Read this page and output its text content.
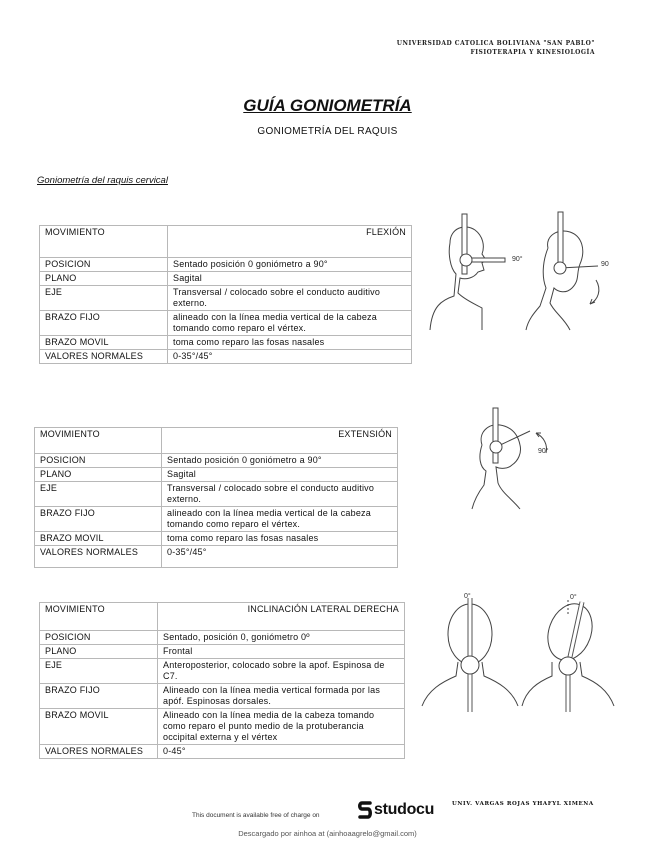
UNIVERSIDAD CATOLICA BOLIVIANA "SAN PABLO"
FISIOTERAPIA Y KINESIOLOGÍA
GUÍA GONIOMETRÍA
GONIOMETRÍA DEL RAQUIS
Goniometría del raquis cervical
MOVIMIENTO	FLEXIÓN
POSICION	Sentado posición 0 goniómetro a 90°
PLANO	Sagital
EJE	Transversal / colocado sobre el conducto auditivo externo.
BRAZO FIJO	alineado con la línea media vertical de la cabeza tomando como reparo el vértex.
BRAZO MOVIL	toma como reparo las fosas nasales
VALORES NORMALES	0-35°/45°
MOVIMIENTO	EXTENSIÓN
POSICION	Sentado posición 0 goniómetro a 90°
PLANO	Sagital
EJE	Transversal / colocado sobre el conducto auditivo externo.
BRAZO FIJO	alineado con la línea media vertical de la cabeza tomando como reparo el vértex.
BRAZO MOVIL	toma como reparo las fosas nasales
VALORES NORMALES	0-35°/45°
MOVIMIENTO	INCLINACIÓN LATERAL DERECHA
POSICION	Sentado, posición 0, goniómetro 0º
PLANO	Frontal
EJE	Anteroposterior, colocado sobre la apof. Espinosa de C7.
BRAZO FIJO	Alineado con la línea media vertical formada por las apóf. Espinosas dorsales.
BRAZO MOVIL	Alineado con la línea media de la cabeza tomando como reparo el punto medio de la protuberancia occipital externa y el vértex
VALORES NORMALES	0-45°
90°
90
90°
0°	0°
This document is available free of charge on	studocu	UNIV. VARGAS ROJAS YHAFYL XIMENA
Descargado por ainhoa at (ainhoaagrelo@gmail.com)
